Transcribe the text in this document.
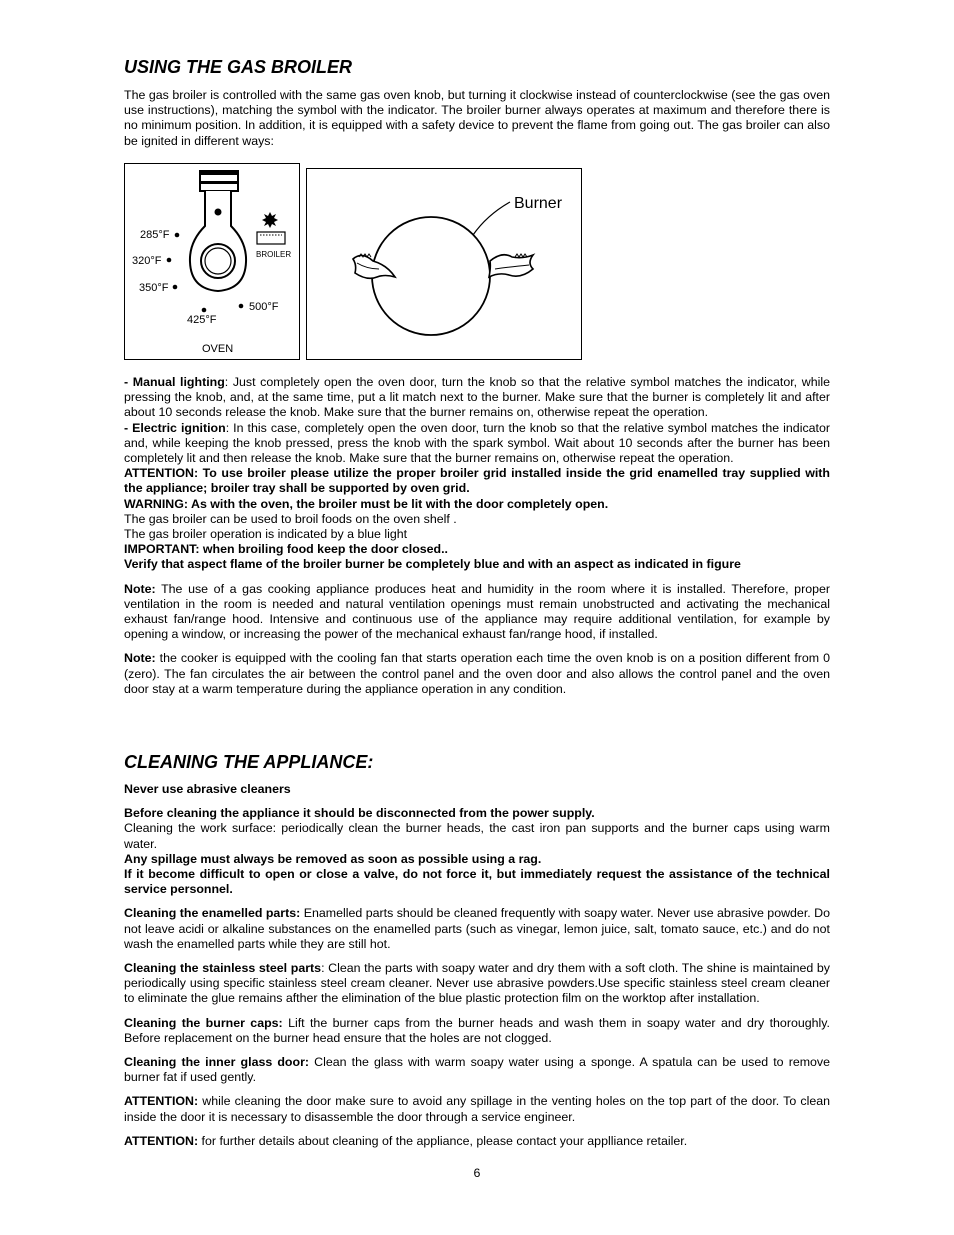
USING THE GAS BROILER

The gas broiler is controlled with the same gas oven knob, but turning it clockwise instead of counterclockwise (see the gas oven use instructions), matching the symbol with the indicator. The broiler burner always operates at maximum and therefore there is no minimum position. In addition, it is equipped with a safety device to prevent the flame from going out. The gas broiler can also be ignited in different ways:

BROILER
285°F
320°F
350°F
425°F
500°F
OVEN
Burner

- Manual lighting: Just completely open the oven door, turn the knob so that the relative symbol matches the indicator, while pressing the knob, and, at the same time, put a lit match next to the burner. Make sure that the burner is completely lit and after about 10 seconds release the knob. Make sure that the burner remains on, otherwise repeat the operation.

- Electric ignition: In this case, completely open the oven door, turn the knob so that the relative symbol matches the indicator and, while keeping the knob pressed, press the knob with the spark symbol. Wait about 10 seconds after the burner has been completely lit and then release the knob. Make sure that the burner remains on, otherwise repeat the operation.

ATTENTION: To use broiler please utilize the proper broiler grid installed inside the grid enamelled tray supplied with the appliance; broiler tray shall be supported by oven grid.

WARNING: As with the oven, the broiler must be lit with the door completely open.

The gas broiler can be used to broil foods on the oven shelf .

The gas broiler operation is indicated by a blue light

IMPORTANT: when broiling food keep the door closed..

Verify that aspect flame of the broiler burner be completely blue and with an aspect as indicated in figure

Note: The use of a gas cooking appliance produces heat and humidity in the room where it is installed. Therefore, proper ventilation in the room is needed and natural ventilation openings must remain unobstructed and activating the mechanical exhaust fan/range hood. Intensive and continuous use of the appliance may require additional ventilation, for example by opening a window, or increasing the power of the mechanical exhaust fan/range hood, if installed.

Note: the cooker is equipped with the cooling fan that starts operation each time the oven knob is on a position different from 0 (zero). The fan circulates the air between the control panel and the oven door and also allows the control panel and the oven door stay at a warm temperature during the appliance operation in any condition.

CLEANING THE APPLIANCE:

Never use abrasive cleaners

Before cleaning the appliance it should be disconnected from the power supply.

Cleaning the work surface: periodically clean the burner heads, the cast iron pan supports and the burner caps using warm water.

Any spillage must always be removed as soon as possible using a rag.

If it become difficult to open or close a valve, do not force it, but immediately request the assistance of the technical service personnel.

Cleaning the enamelled parts: Enamelled parts should be cleaned frequently with soapy water. Never use abrasive powder. Do not leave acidi or alkaline substances on the enamelled parts (such as vinegar, lemon juice, salt, tomato sauce, etc.) and do not wash the enamelled parts while they are still hot.

Cleaning the stainless steel parts: Clean the parts with soapy water and dry them with a soft cloth. The shine is maintained by periodically using specific stainless steel cream cleaner. Never use abrasive powders.Use specific stainless steel cream cleaner to eliminate the glue remains afther the elimination of the blue plastic protection film on the worktop after installation.

Cleaning the burner caps: Lift the burner caps from the burner heads and wash them in soapy water and dry thoroughly. Before replacement on the burner head ensure that the holes are not clogged.

Cleaning the inner glass door: Clean the glass with warm soapy water using a sponge. A spatula can be used to remove burner fat if used gently.

ATTENTION: while cleaning the door make sure to avoid any spillage in the venting holes on the top part of the door. To clean inside the door it is necessary to disassemble the door through a service engineer.

ATTENTION: for further details about cleaning of the appliance, please contact your applliance retailer.

6
